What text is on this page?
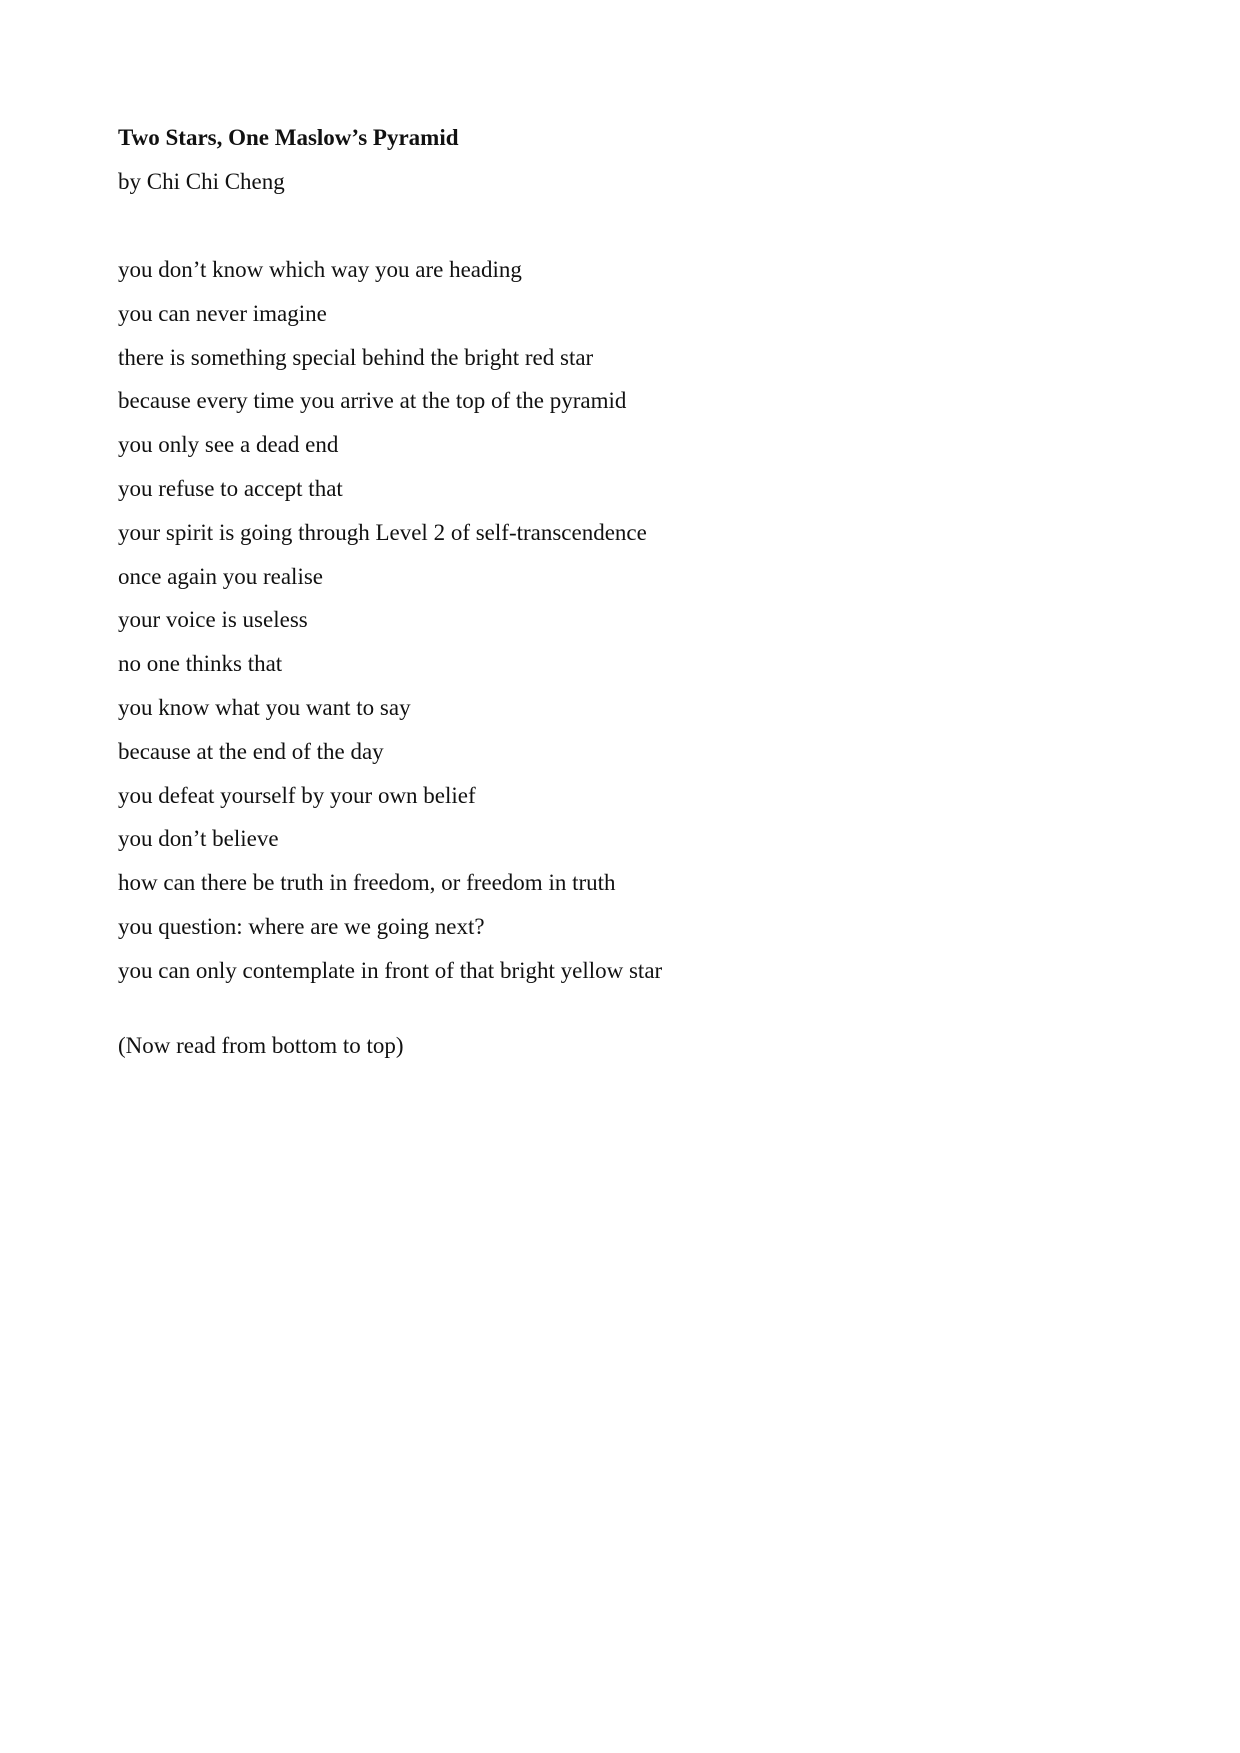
Two Stars, One Maslow’s Pyramid

by Chi Chi Cheng

you don’t know which way you are heading

you can never imagine

there is something special behind the bright red star

because every time you arrive at the top of the pyramid

you only see a dead end

you refuse to accept that

your spirit is going through Level 2 of self-transcendence

once again you realise

your voice is useless

no one thinks that

you know what you want to say

because at the end of the day

you defeat yourself by your own belief

you don’t believe

how can there be truth in freedom, or freedom in truth

you question: where are we going next?

you can only contemplate in front of that bright yellow star

(Now read from bottom to top)
